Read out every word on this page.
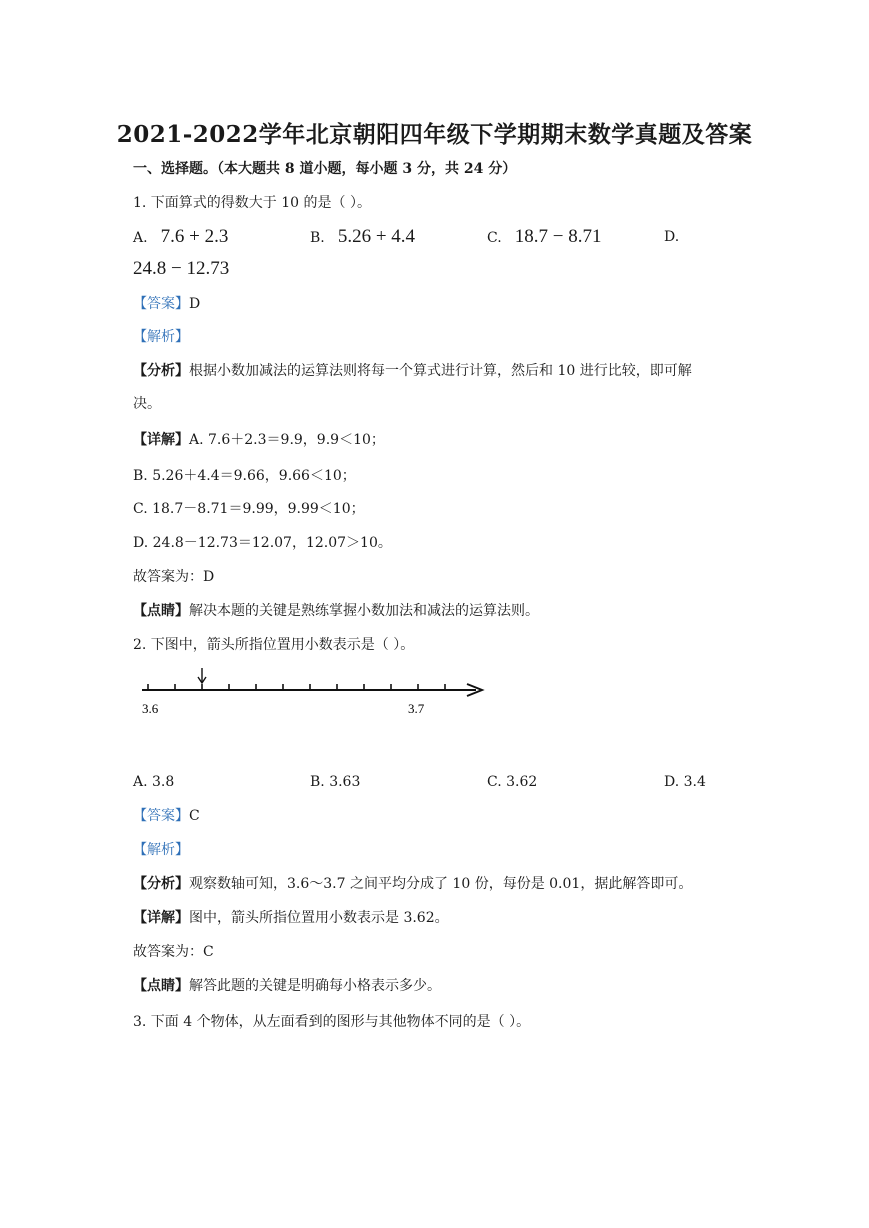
2021-2022学年北京朝阳四年级下学期期末数学真题及答案
一、选择题。（本大题共 8 道小题，每小题 3 分，共 24 分）
1. 下面算式的得数大于 10 的是（ ）。
A. 7.6 + 2.3	B. 5.26 + 4.4	C. 18.7 − 8.71	D.
24.8 − 12.73
【答案】D
【解析】
【分析】根据小数加减法的运算法则将每一个算式进行计算，然后和 10 进行比较，即可解
决。
【详解】A. 7.6＋2.3＝9.9，9.9＜10；
B. 5.26＋4.4＝9.66，9.66＜10；
C. 18.7－8.71＝9.99，9.99＜10；
D. 24.8－12.73＝12.07，12.07＞10。
故答案为：D
【点睛】解决本题的关键是熟练掌握小数加法和减法的运算法则。
2. 下图中，箭头所指位置用小数表示是（ ）。
3.6	3.7
A. 3.8	B. 3.63	C. 3.62	D. 3.4
【答案】C
【解析】
【分析】观察数轴可知，3.6～3.7 之间平均分成了 10 份，每份是 0.01，据此解答即可。
【详解】图中，箭头所指位置用小数表示是 3.62。
故答案为：C
【点睛】解答此题的关键是明确每小格表示多少。
3. 下面 4 个物体，从左面看到的图形与其他物体不同的是（ ）。
